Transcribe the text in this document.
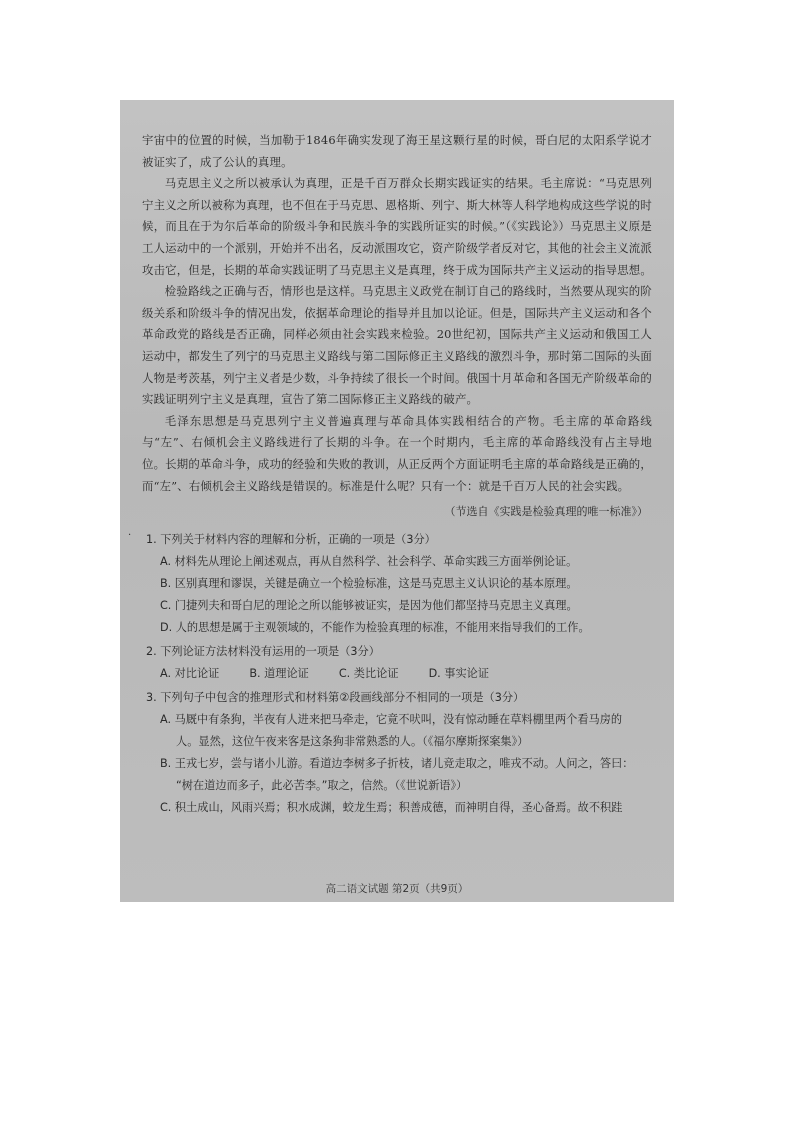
宇宙中的位置的时候，当加勒于1846年确实发现了海王星这颗行星的时候，哥白尼的太阳系学说才被证实了，成了公认的真理。

马克思主义之所以被承认为真理，正是千百万群众长期实践证实的结果。毛主席说：“马克思列宁主义之所以被称为真理，也不但在于马克思、恩格斯、列宁、斯大林等人科学地构成这些学说的时候，而且在于为尔后革命的阶级斗争和民族斗争的实践所证实的时候。”（《实践论》）马克思主义原是工人运动中的一个派别，开始并不出名，反动派围攻它，资产阶级学者反对它，其他的社会主义流派攻击它，但是，长期的革命实践证明了马克思主义是真理，终于成为国际共产主义运动的指导思想。

检验路线之正确与否，情形也是这样。马克思主义政党在制订自己的路线时，当然要从现实的阶级关系和阶级斗争的情况出发，依据革命理论的指导并且加以论证。但是，国际共产主义运动和各个革命政党的路线是否正确，同样必须由社会实践来检验。20世纪初，国际共产主义运动和俄国工人运动中，都发生了列宁的马克思主义路线与第二国际修正主义路线的激烈斗争，那时第二国际的头面人物是考茨基，列宁主义者是少数，斗争持续了很长一个时间。俄国十月革命和各国无产阶级革命的实践证明列宁主义是真理，宣告了第二国际修正主义路线的破产。

毛泽东思想是马克思列宁主义普遍真理与革命具体实践相结合的产物。毛主席的革命路线与“左”、右倾机会主义路线进行了长期的斗争。在一个时期内，毛主席的革命路线没有占主导地位。长期的革命斗争，成功的经验和失败的教训，从正反两个方面证明毛主席的革命路线是正确的，而“左”、右倾机会主义路线是错误的。标准是什么呢？只有一个：就是千百万人民的社会实践。

（节选自《实践是检验真理的唯一标准》）
1. 下列关于材料内容的理解和分析，正确的一项是（3分）
A. 材料先从理论上阐述观点，再从自然科学、社会科学、革命实践三方面举例论证。
B. 区别真理和谬误，关键是确立一个检验标准，这是马克思主义认识论的基本原理。
C. 门捷列夫和哥白尼的理论之所以能够被证实，是因为他们都坚持马克思主义真理。
D. 人的思想是属于主观领域的，不能作为检验真理的标准，不能用来指导我们的工作。
2. 下列论证方法材料没有运用的一项是（3分）
A. 对比论证	B. 道理论证	C. 类比论证	D. 事实论证
3. 下列句子中包含的推理形式和材料第②段画线部分不相同的一项是（3分）
A. 马厩中有条狗，半夜有人进来把马牵走，它竟不吠叫，没有惊动睡在草料棚里两个看马房的
人。显然，这位午夜来客是这条狗非常熟悉的人。（《福尔摩斯探案集》）
B. 王戎七岁，尝与诸小儿游。看道边李树多子折枝，诸儿竞走取之，唯戎不动。人问之，答曰：
“树在道边而多子，此必苦李。”取之，信然。（《世说新语》）
C. 积土成山，风雨兴焉；积水成渊，蛟龙生焉；积善成德，而神明自得，圣心备焉。故不积跬
·
高二语文试题 第2页（共9页）
